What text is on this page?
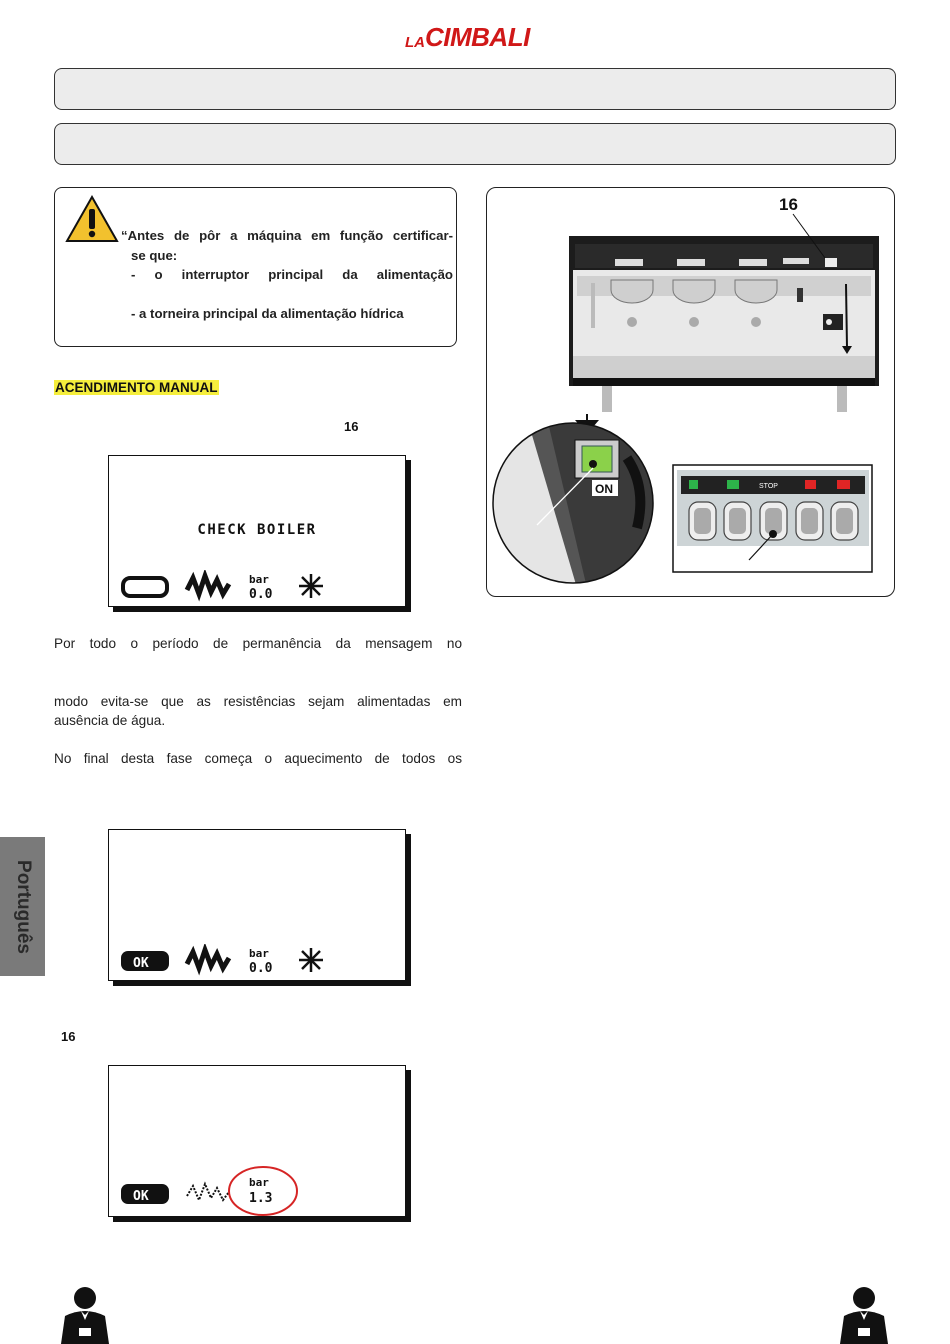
LA CIMBALI
“Antes de pôr a máquina em função certificar-
se que:
- o interruptor principal da alimentação
- a torneira principal da alimentação hídrica
16
ON	STOP
ACENDIMENTO MANUAL
16
CHECK BOILER
bar
0.0
Por todo o período de permanência da mensagem no
modo evita-se que as resistências sejam alimentadas em
ausência de água.
No final desta fase começa o aquecimento de todos os
OK
bar
0.0
16
OK
bar
1.3
Português
